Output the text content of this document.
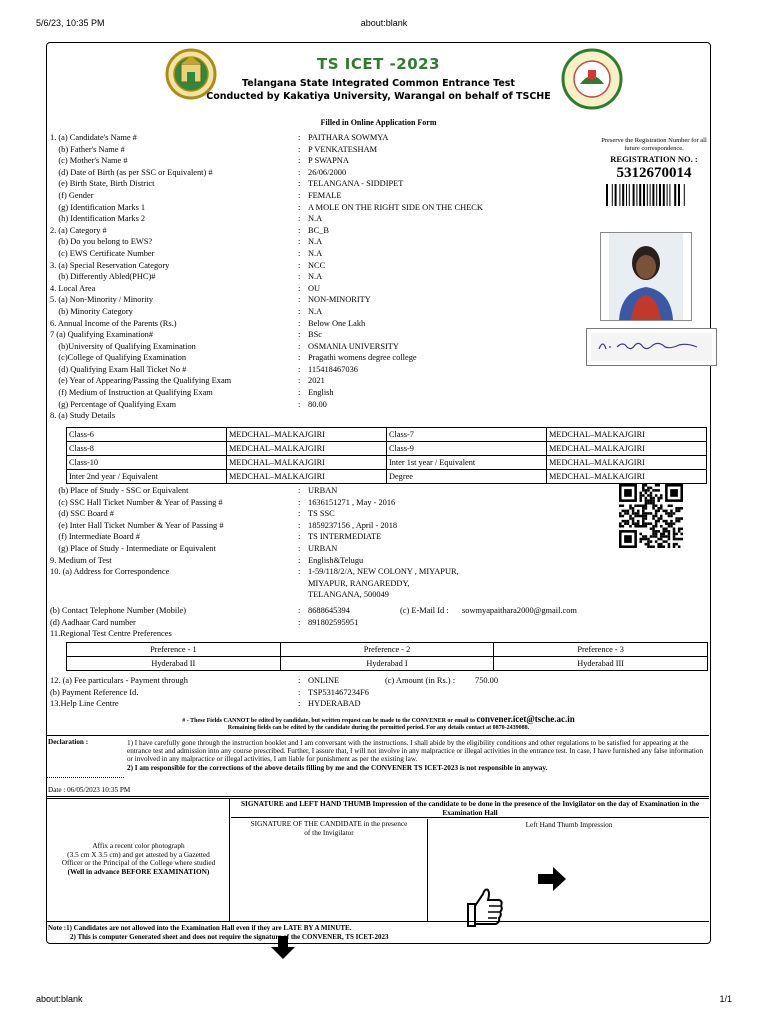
5/6/23, 10:35 PM	about:blank
TS ICET -2023
Telangana State Integrated Common Entrance Test
Conducted by Kakatiya University, Warangal on behalf of TSCHE
Filled in Online Application Form
1. (a) Candidate's Name #	: PAITHARA SOWMYA
(b) Father's Name #	: P VENKATESHAM
(c) Mother's Name #	: P SWAPNA
(d) Date of Birth (as per SSC or Equivalent) #	: 26/06/2000
(e) Birth State, Birth District	: TELANGANA - SIDDIPET
(f) Gender	: FEMALE
(g) Identification Marks 1	: A MOLE ON THE RIGHT SIDE ON THE CHECK
(h) Identification Marks 2	: N.A
2. (a) Category #	: BC_B
(b) Do you belong to EWS?	: N.A
(c) EWS Certificate Number	: N.A
3. (a) Special Reservation Category	: NCC
(b) Differently Abled(PHC)#	: N.A
4. Local Area	: OU
5. (a) Non-Minority / Minority	: NON-MINORITY
(b) Minority Category	: N.A
6. Annual Income of the Parents (Rs.)	: Below One Lakh
7 (a) Qualifying Examination#	: BSc
(b)University of Qualifying Examination	: OSMANIA UNIVERSITY
(c)College of Qualifying Examination	: Pragathi womens degree college
(d) Qualifying Exam Hall Ticket No #	: 115418467036
(e) Year of Appearing/Passing the Qualifying Exam	: 2021
(f) Medium of Instruction at Qualifying Exam	: English
(g) Percentage of Qualifying Exam	: 80.00
8. (a) Study Details
Preserve the Registration Number for all future correspondence.
REGISTRATION NO. :
5312670014
Class-6	MEDCHAL–MALKAJGIRI	Class-7	MEDCHAL–MALKAJGIRI
Class-8	MEDCHAL–MALKAJGIRI	Class-9	MEDCHAL–MALKAJGIRI
Class-10	MEDCHAL–MALKAJGIRI	Inter 1st year / Equivalent	MEDCHAL–MALKAJGIRI
Inter 2nd year / Equivalent	MEDCHAL–MALKAJGIRI	Degree	MEDCHAL–MALKAJGIRI
(b) Place of Study - SSC or Equivalent	: URBAN
(c) SSC Hall Ticket Number & Year of Passing #	: 1636151271 , May - 2016
(d) SSC Board #	: TS SSC
(e) Inter Hall Ticket Number & Year of Passing #	: 1859237156 , April - 2018
(f) Intermediate Board #	: TS INTERMEDIATE
(g) Place of Study - Intermediate or Equivalent	: URBAN
9. Medium of Test	: English&Telugu
10. (a) Address for Correspondence	: 1-59/118/2/A, NEW COLONY , MIYAPUR,
MIYAPUR, RANGAREDDY,
TELANGANA, 500049
(b) Contact Telephone Number (Mobile)	: 8688645394	(c) E-Mail Id : sowmyapaithara2000@gmail.com
(d) Aadhaar Card number	: 891802595951
11.Regional Test Centre Preferences
Preference - 1	Preference - 2	Preference - 3
Hyderabad II	Hyderabad I	Hyderabad III
12. (a) Fee particulars - Payment through	: ONLINE	(c) Amount (in Rs.) : 750.00
(b) Payment Reference Id.	: TSP531467234F6
13.Help Line Centre	: HYDERABAD
# - These Fields CANNOT be edited by candidate, but written request can be made to the CONVENER or email to convener.icet@tsche.ac.in
Remaining fields can be edited by the candidate during the permitted period. For any details contact at 0870-2439088.
Declaration :	1) I have carefully gone through the instruction booklet and I am conversant with the instructions. I shall abide by the eligibility conditions and other regulations to be satisfied for appearing at the entrance test and admission into any course prescribed. Further, I assure that, I will not involve in any malpractice or illegal activities in the entrance test. In case, I have furnished any false information or involved in any malpractice or illegal activities, I am liable for punishment as per the existing law.
2) I am responsible for the corrections of the above details filling by me and the CONVENER TS ICET-2023 is not responsible in anyway.
Date : 06/05/2023 10:35 PM
Affix a recent color photograph
(3.5 cm X 3.5 cm) and get attested by a Gazetted
Officer or the Principal of the College where studied
(Well in advance BEFORE EXAMINATION)
SIGNATURE and LEFT HAND THUMB Impression of the candidate to be done in the presence of the Invigilator on the day of Examination in the Examination Hall
SIGNATURE OF THE CANDIDATE in the presence of the Invigilator
Left Hand Thumb Impression
Note :1) Candidates are not allowed into the Examination Hall even if they are LATE BY A MINUTE.
2) This is computer Generated sheet and does not require the signature of the CONVENER, TS ICET-2023
about:blank	1/1
